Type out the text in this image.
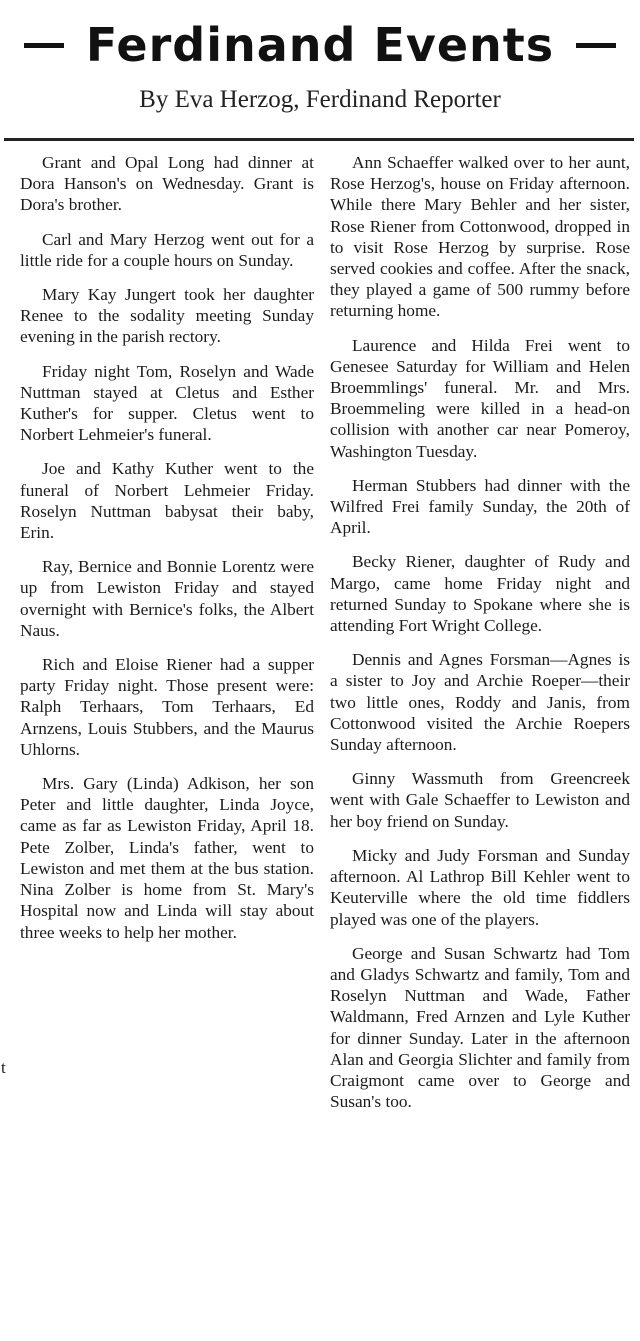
Ferdinand Events
By Eva Herzog, Ferdinand Reporter

Grant and Opal Long had dinner at Dora Hanson's on Wednesday. Grant is Dora's brother.

Carl and Mary Herzog went out for a little ride for a couple hours on Sunday.

Mary Kay Jungert took her daughter Renee to the sodality meeting Sunday evening in the parish rectory.

Friday night Tom, Roselyn and Wade Nuttman stayed at Cletus and Esther Kuther's for supper. Cletus went to Norbert Lehmeier's funeral.

Joe and Kathy Kuther went to the funeral of Norbert Lehmeier Friday. Roselyn Nuttman babysat their baby, Erin.

Ray, Bernice and Bonnie Lorentz were up from Lewiston Friday and stayed overnight with Bernice's folks, the Albert Naus.

Rich and Eloise Riener had a supper party Friday night. Those present were: Ralph Terhaars, Tom Terhaars, Ed Arnzens, Louis Stubbers, and the Maurus Uhlorns.

Mrs. Gary (Linda) Adkison, her son Peter and little daughter, Linda Joyce, came as far as Lewiston Friday, April 18. Pete Zolber, Linda's father, went to Lewiston and met them at the bus station. Nina Zolber is home from St. Mary's Hospital now and Linda will stay about three weeks to help her mother.

Ann Schaeffer walked over to her aunt, Rose Herzog's, house on Friday afternoon. While there Mary Behler and her sister, Rose Riener from Cottonwood, dropped in to visit Rose Herzog by surprise. Rose served cookies and coffee. After the snack, they played a game of 500 rummy before returning home.

Laurence and Hilda Frei went to Genesee Saturday for William and Helen Broemmlings' funeral. Mr. and Mrs. Broemmeling were killed in a head-on collision with another car near Pomeroy, Washington Tuesday.

Herman Stubbers had dinner with the Wilfred Frei family Sunday, the 20th of April.

Becky Riener, daughter of Rudy and Margo, came home Friday night and returned Sunday to Spokane where she is attending Fort Wright College.

Dennis and Agnes Forsman—Agnes is a sister to Joy and Archie Roeper—their two little ones, Roddy and Janis, from Cottonwood visited the Archie Roepers Sunday afternoon.

Ginny Wassmuth from Greencreek went with Gale Schaeffer to Lewiston and her boy friend on Sunday.

Micky and Judy Forsman and Sunday afternoon. Al Lathrop Bill Kehler went to Keuterville where the old time fiddlers played was one of the players.

George and Susan Schwartz had Tom and Gladys Schwartz and family, Tom and Roselyn Nuttman and Wade, Father Waldmann, Fred Arnzen and Lyle Kuther for dinner Sunday. Later in the afternoon Alan and Georgia Slichter and family from Craigmont came over to George and Susan's too.

t
